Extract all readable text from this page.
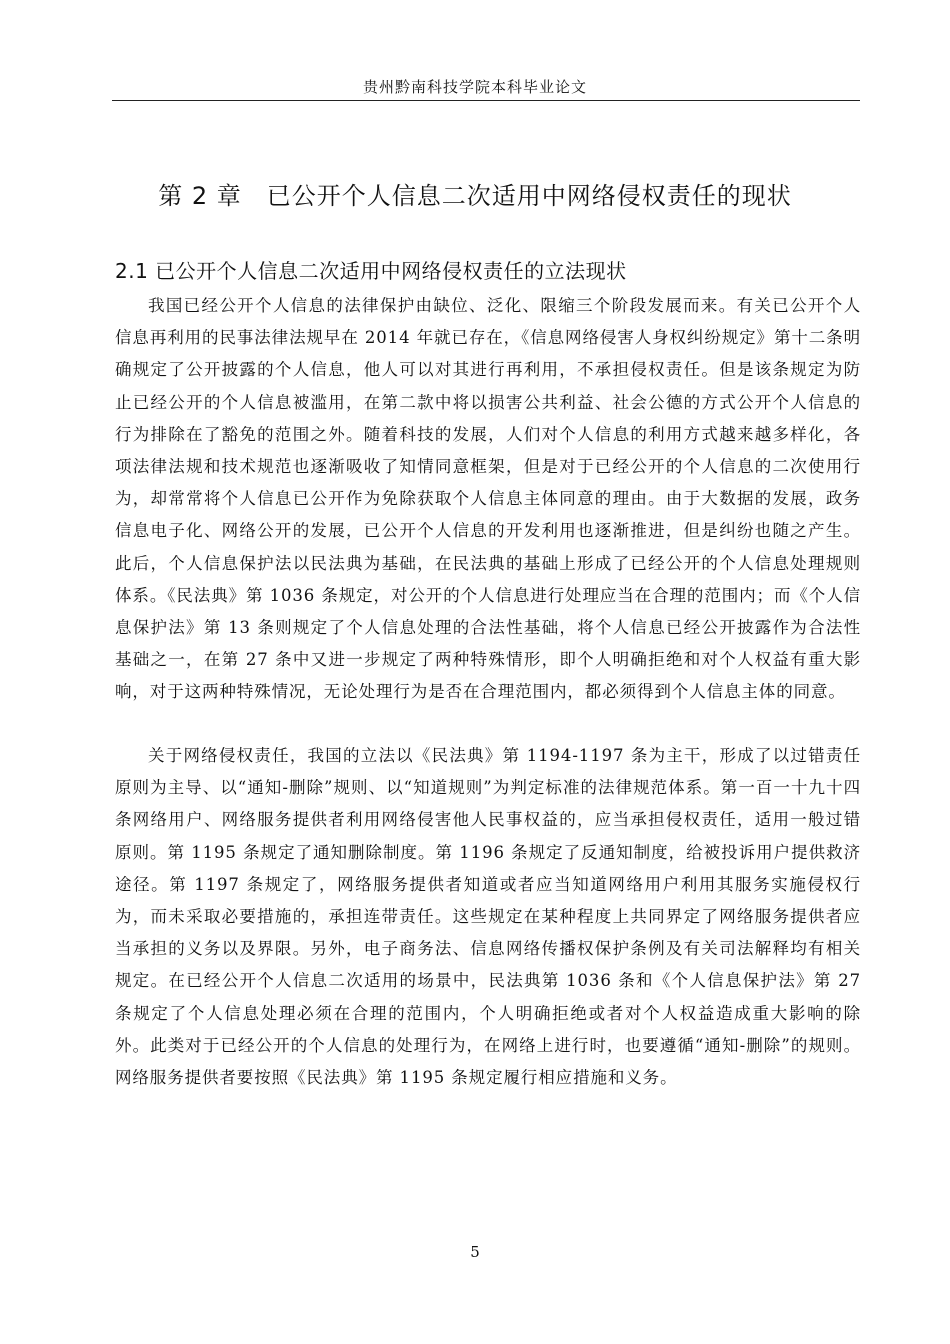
贵州黔南科技学院本科毕业论文
第 2 章　已公开个人信息二次适用中网络侵权责任的现状
2.1 已公开个人信息二次适用中网络侵权责任的立法现状

我国已经公开个人信息的法律保护由缺位、泛化、限缩三个阶段发展而来。有关已公开个人信息再利用的民事法律法规早在 2014 年就已存在，《信息网络侵害人身权纠纷规定》第十二条明确规定了公开披露的个人信息，他人可以对其进行再利用，不承担侵权责任。但是该条规定为防止已经公开的个人信息被滥用，在第二款中将以损害公共利益、社会公德的方式公开个人信息的行为排除在了豁免的范围之外。随着科技的发展，人们对个人信息的利用方式越来越多样化，各项法律法规和技术规范也逐渐吸收了知情同意框架，但是对于已经公开的个人信息的二次使用行为，却常常将个人信息已公开作为免除获取个人信息主体同意的理由。由于大数据的发展，政务信息电子化、网络公开的发展，已公开个人信息的开发利用也逐渐推进，但是纠纷也随之产生。此后，个人信息保护法以民法典为基础，在民法典的基础上形成了已经公开的个人信息处理规则体系。《民法典》第 1036 条规定，对公开的个人信息进行处理应当在合理的范围内；而《个人信息保护法》第 13 条则规定了个人信息处理的合法性基础，将个人信息已经公开披露作为合法性基础之一，在第 27 条中又进一步规定了两种特殊情形，即个人明确拒绝和对个人权益有重大影响，对于这两种特殊情况，无论处理行为是否在合理范围内，都必须得到个人信息主体的同意。

关于网络侵权责任，我国的立法以《民法典》第 1194-1197 条为主干，形成了以过错责任原则为主导、以“通知-删除”规则、以“知道规则”为判定标准的法律规范体系。第一百一十九十四条网络用户、网络服务提供者利用网络侵害他人民事权益的，应当承担侵权责任，适用一般过错原则。第 1195 条规定了通知删除制度。第 1196 条规定了反通知制度，给被投诉用户提供救济途径。第 1197 条规定了，网络服务提供者知道或者应当知道网络用户利用其服务实施侵权行为，而未采取必要措施的，承担连带责任。这些规定在某种程度上共同界定了网络服务提供者应当承担的义务以及界限。另外，电子商务法、信息网络传播权保护条例及有关司法解释均有相关规定。在已经公开个人信息二次适用的场景中，民法典第 1036 条和《个人信息保护法》第 27 条规定了个人信息处理必须在合理的范围内，个人明确拒绝或者对个人权益造成重大影响的除外。此类对于已经公开的个人信息的处理行为，在网络上进行时，也要遵循“通知-删除”的规则。网络服务提供者要按照《民法典》第 1195 条规定履行相应措施和义务。

5
